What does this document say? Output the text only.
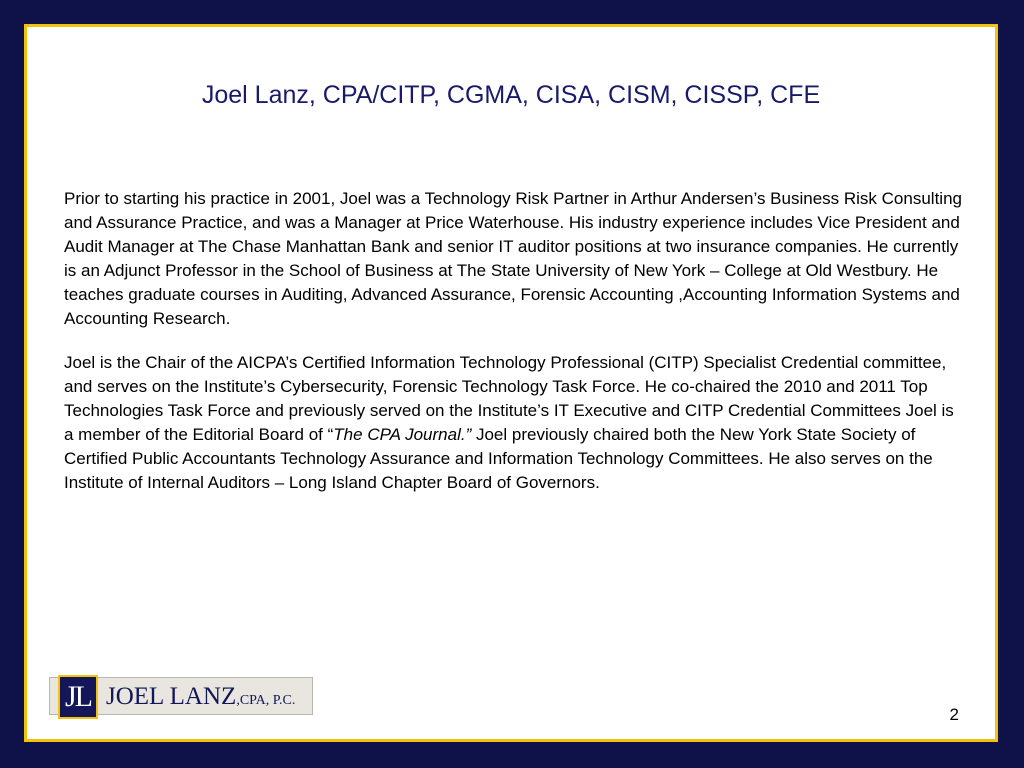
Joel Lanz, CPA/CITP, CGMA, CISA, CISM, CISSP, CFE

Prior to starting his practice in 2001, Joel was a Technology Risk Partner in Arthur Andersen’s Business Risk Consulting and Assurance Practice, and was a Manager at Price Waterhouse. His industry experience includes Vice President and Audit Manager at The Chase Manhattan Bank and senior IT auditor positions at two insurance companies. He currently is an Adjunct Professor in the School of Business at The State University of New York – College at Old Westbury. He teaches graduate courses in Auditing, Advanced Assurance, Forensic Accounting ,Accounting Information Systems and Accounting Research.

Joel is the Chair of the AICPA’s Certified Information Technology Professional (CITP) Specialist Credential committee, and serves on the Institute’s Cybersecurity, Forensic Technology Task Force. He co-chaired the 2010 and 2011 Top Technologies Task Force and previously served on the Institute’s IT Executive and CITP Credential Committees Joel is a member of the Editorial Board of “The CPA Journal.” Joel previously chaired both the New York State Society of Certified Public Accountants Technology Assurance and Information Technology Committees. He also serves on the Institute of Internal Auditors – Long Island Chapter Board of Governors.

JL JOEL LANZ,CPA, P.C.
2
